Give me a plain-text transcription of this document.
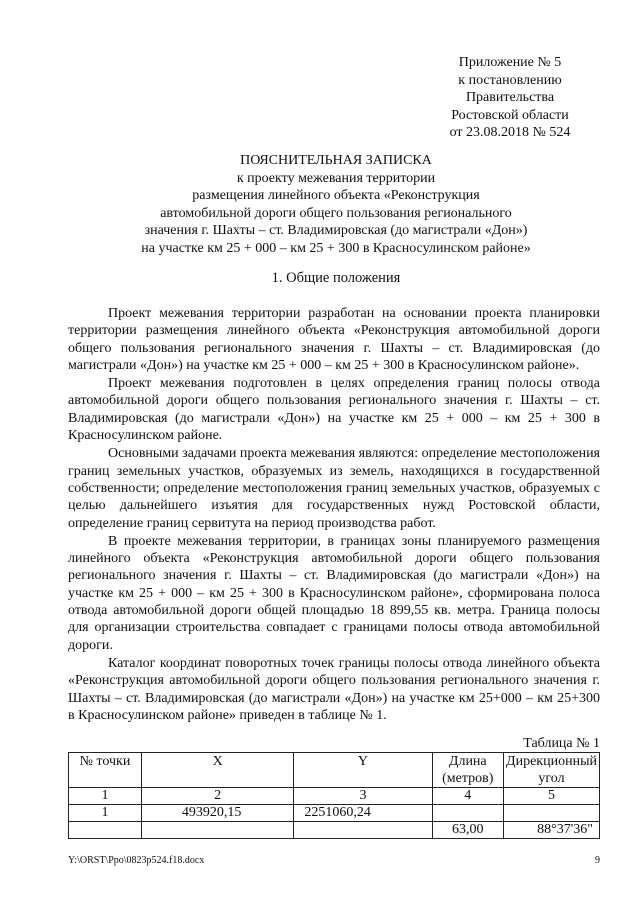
Приложение № 5
к постановлению
Правительства
Ростовской области
от 23.08.2018 № 524
ПОЯСНИТЕЛЬНАЯ ЗАПИСКА
к проекту межевания территории
размещения линейного объекта «Реконструкция
автомобильной дороги общего пользования регионального
значения г. Шахты – ст. Владимировская (до магистрали «Дон»)
на участке км 25 + 000 – км 25 + 300 в Красносулинском районе»
1. Общие положения

Проект межевания территории разработан на основании проекта планировки территории размещения линейного объекта «Реконструкция автомобильной дороги общего пользования регионального значения г. Шахты – ст. Владимировская (до магистрали «Дон») на участке км 25 + 000 – км 25 + 300 в Красносулинском районе».

Проект межевания подготовлен в целях определения границ полосы отвода автомобильной дороги общего пользования регионального значения г. Шахты – ст. Владимировская (до магистрали «Дон») на участке км 25 + 000 – км 25 + 300 в Красносулинском районе.

Основными задачами проекта межевания являются: определение местоположения границ земельных участков, образуемых из земель, находящихся в государственной собственности; определение местоположения границ земельных участков, образуемых с целью дальнейшего изъятия для государственных нужд Ростовской области, определение границ сервитута на период производства работ.

В проекте межевания территории, в границах зоны планируемого размещения линейного объекта «Реконструкция автомобильной дороги общего пользования регионального значения г. Шахты – ст. Владимировская (до магистрали «Дон») на участке км 25 + 000 – км 25 + 300 в Красносулинском районе», сформирована полоса отвода автомобильной дороги общей площадью 18 899,55 кв. метра. Граница полосы для организации строительства совпадает с границами полосы отвода автомобильной дороги.

Каталог координат поворотных точек границы полосы отвода линейного объекта «Реконструкция автомобильной дороги общего пользования регионального значения г. Шахты – ст. Владимировская (до магистрали «Дон») на участке км 25+000 – км 25+300 в Красносулинском районе» приведен в таблице № 1.

Таблица № 1
№ точки	X	Y	Длина (метров)	Дирекционный угол
1	2	3	4	5
1	493920,15	2251060,24		
			63,00	88°37'36"
Y:\ORST\Ppo\0823p524.f18.docx	9
